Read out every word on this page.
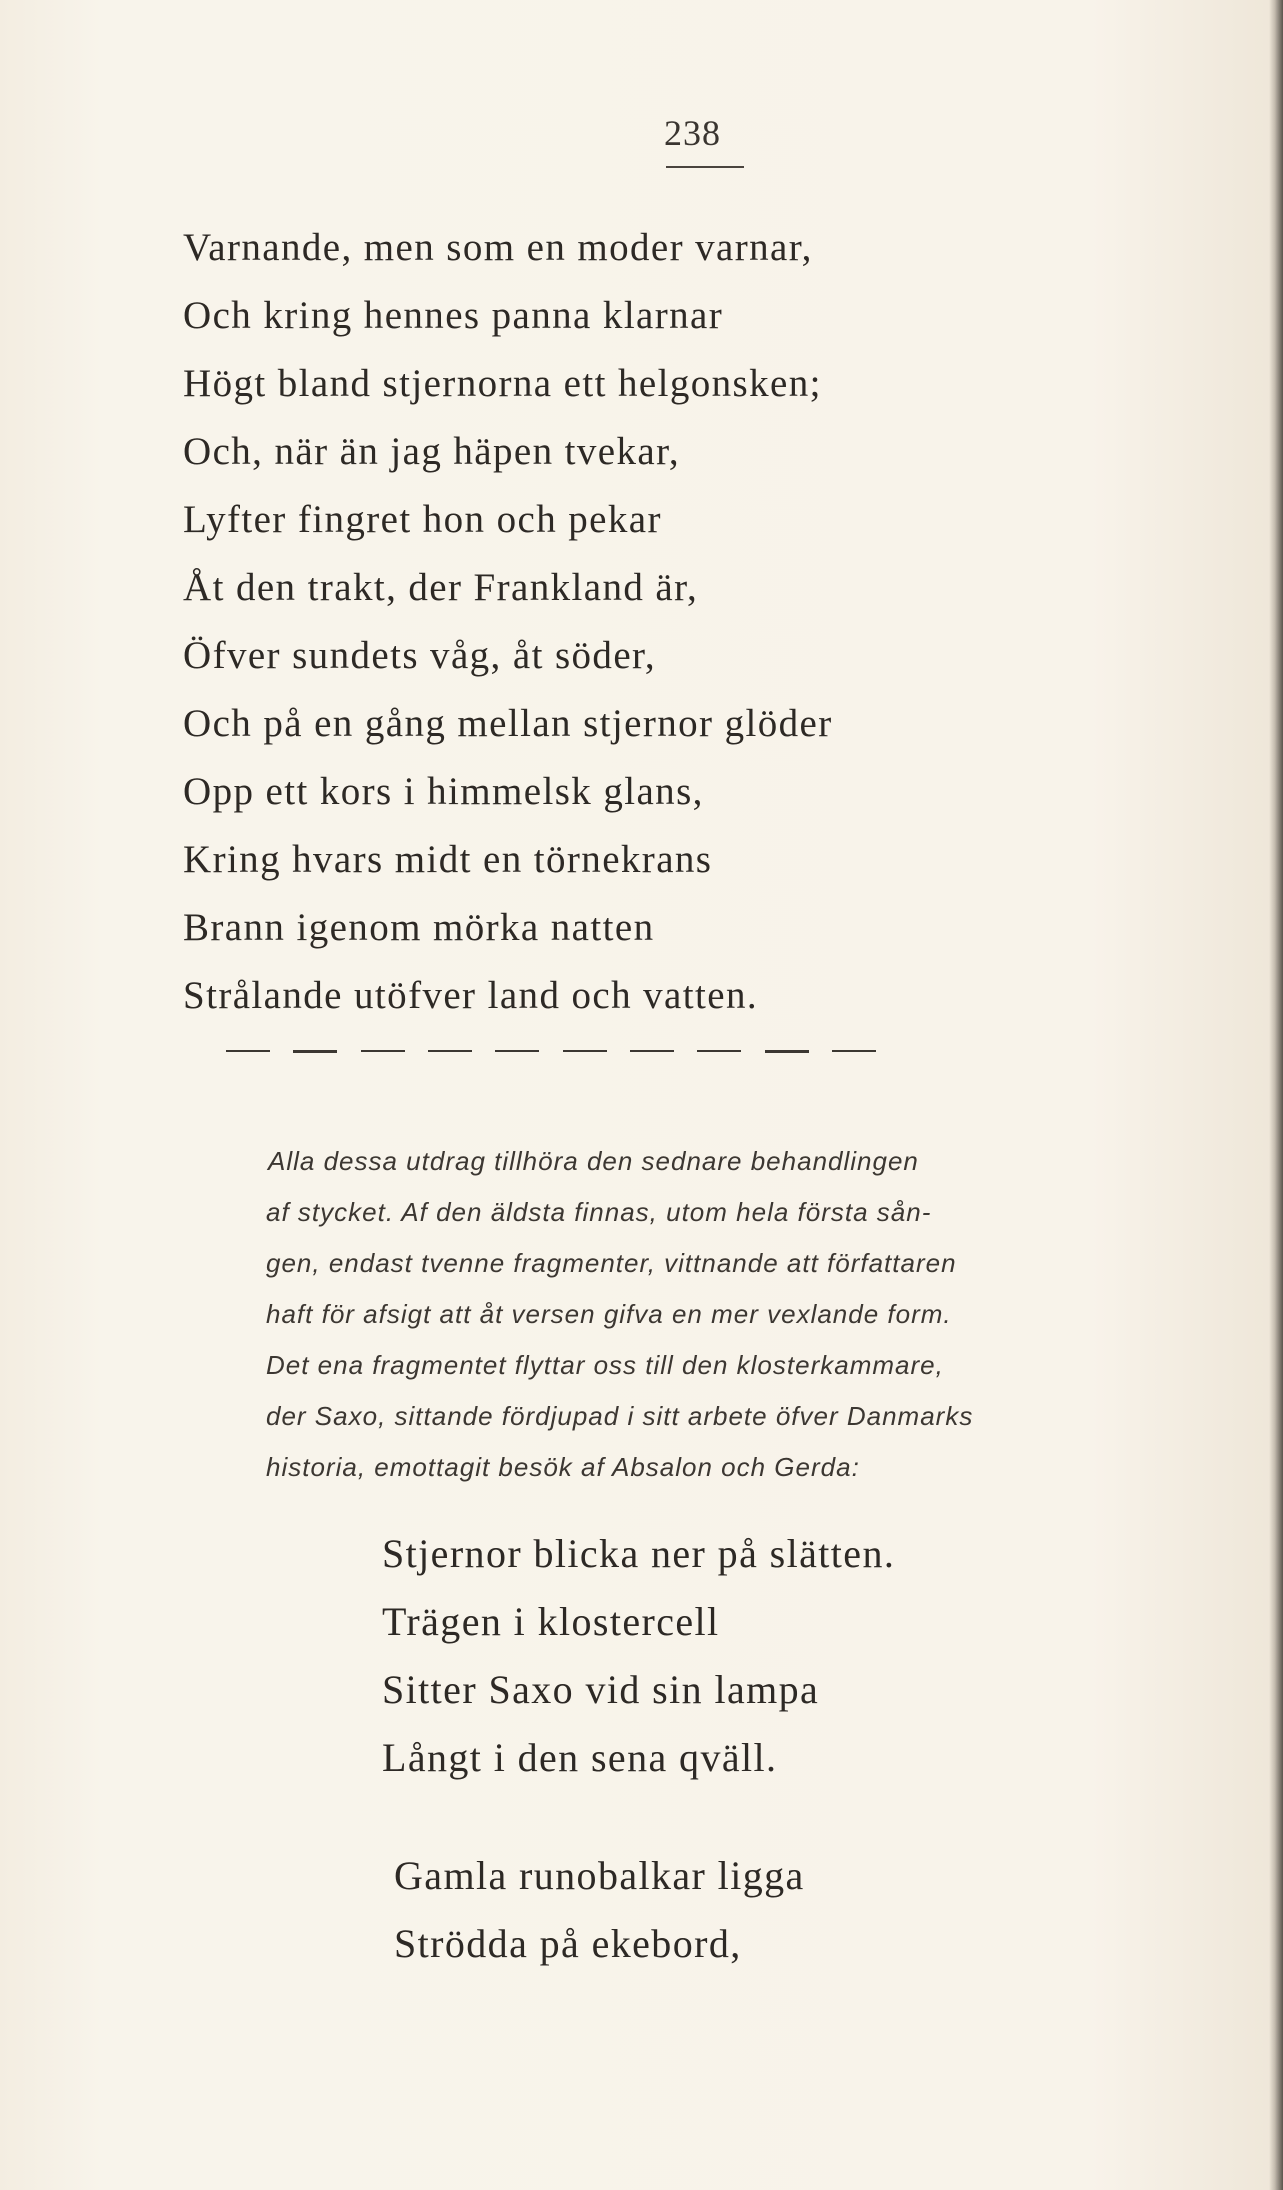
238
Varnande, men som en moder varnar,
Och kring hennes panna klarnar
Högt bland stjernorna ett helgonsken;
Och, när än jag häpen tvekar,
Lyfter fingret hon och pekar
Åt den trakt, der Frankland är,
Öfver sundets våg, åt söder,
Och på en gång mellan stjernor glöder
Opp ett kors i himmelsk glans,
Kring hvars midt en törnekrans
Brann igenom mörka natten
Strålande utöfver land och vatten.
Alla dessa utdrag tillhöra den sednare behandlingen
af stycket. Af den äldsta finnas, utom hela första sån-
gen, endast tvenne fragmenter, vittnande att författaren
haft för afsigt att åt versen gifva en mer vexlande form.
Det ena fragmentet flyttar oss till den klosterkammare,
der Saxo, sittande fördjupad i sitt arbete öfver Danmarks
historia, emottagit besök af Absalon och Gerda:
Stjernor blicka ner på slätten.
Trägen i klostercell
Sitter Saxo vid sin lampa
Långt i den sena qväll.
Gamla runobalkar ligga
Strödda på ekebord,
